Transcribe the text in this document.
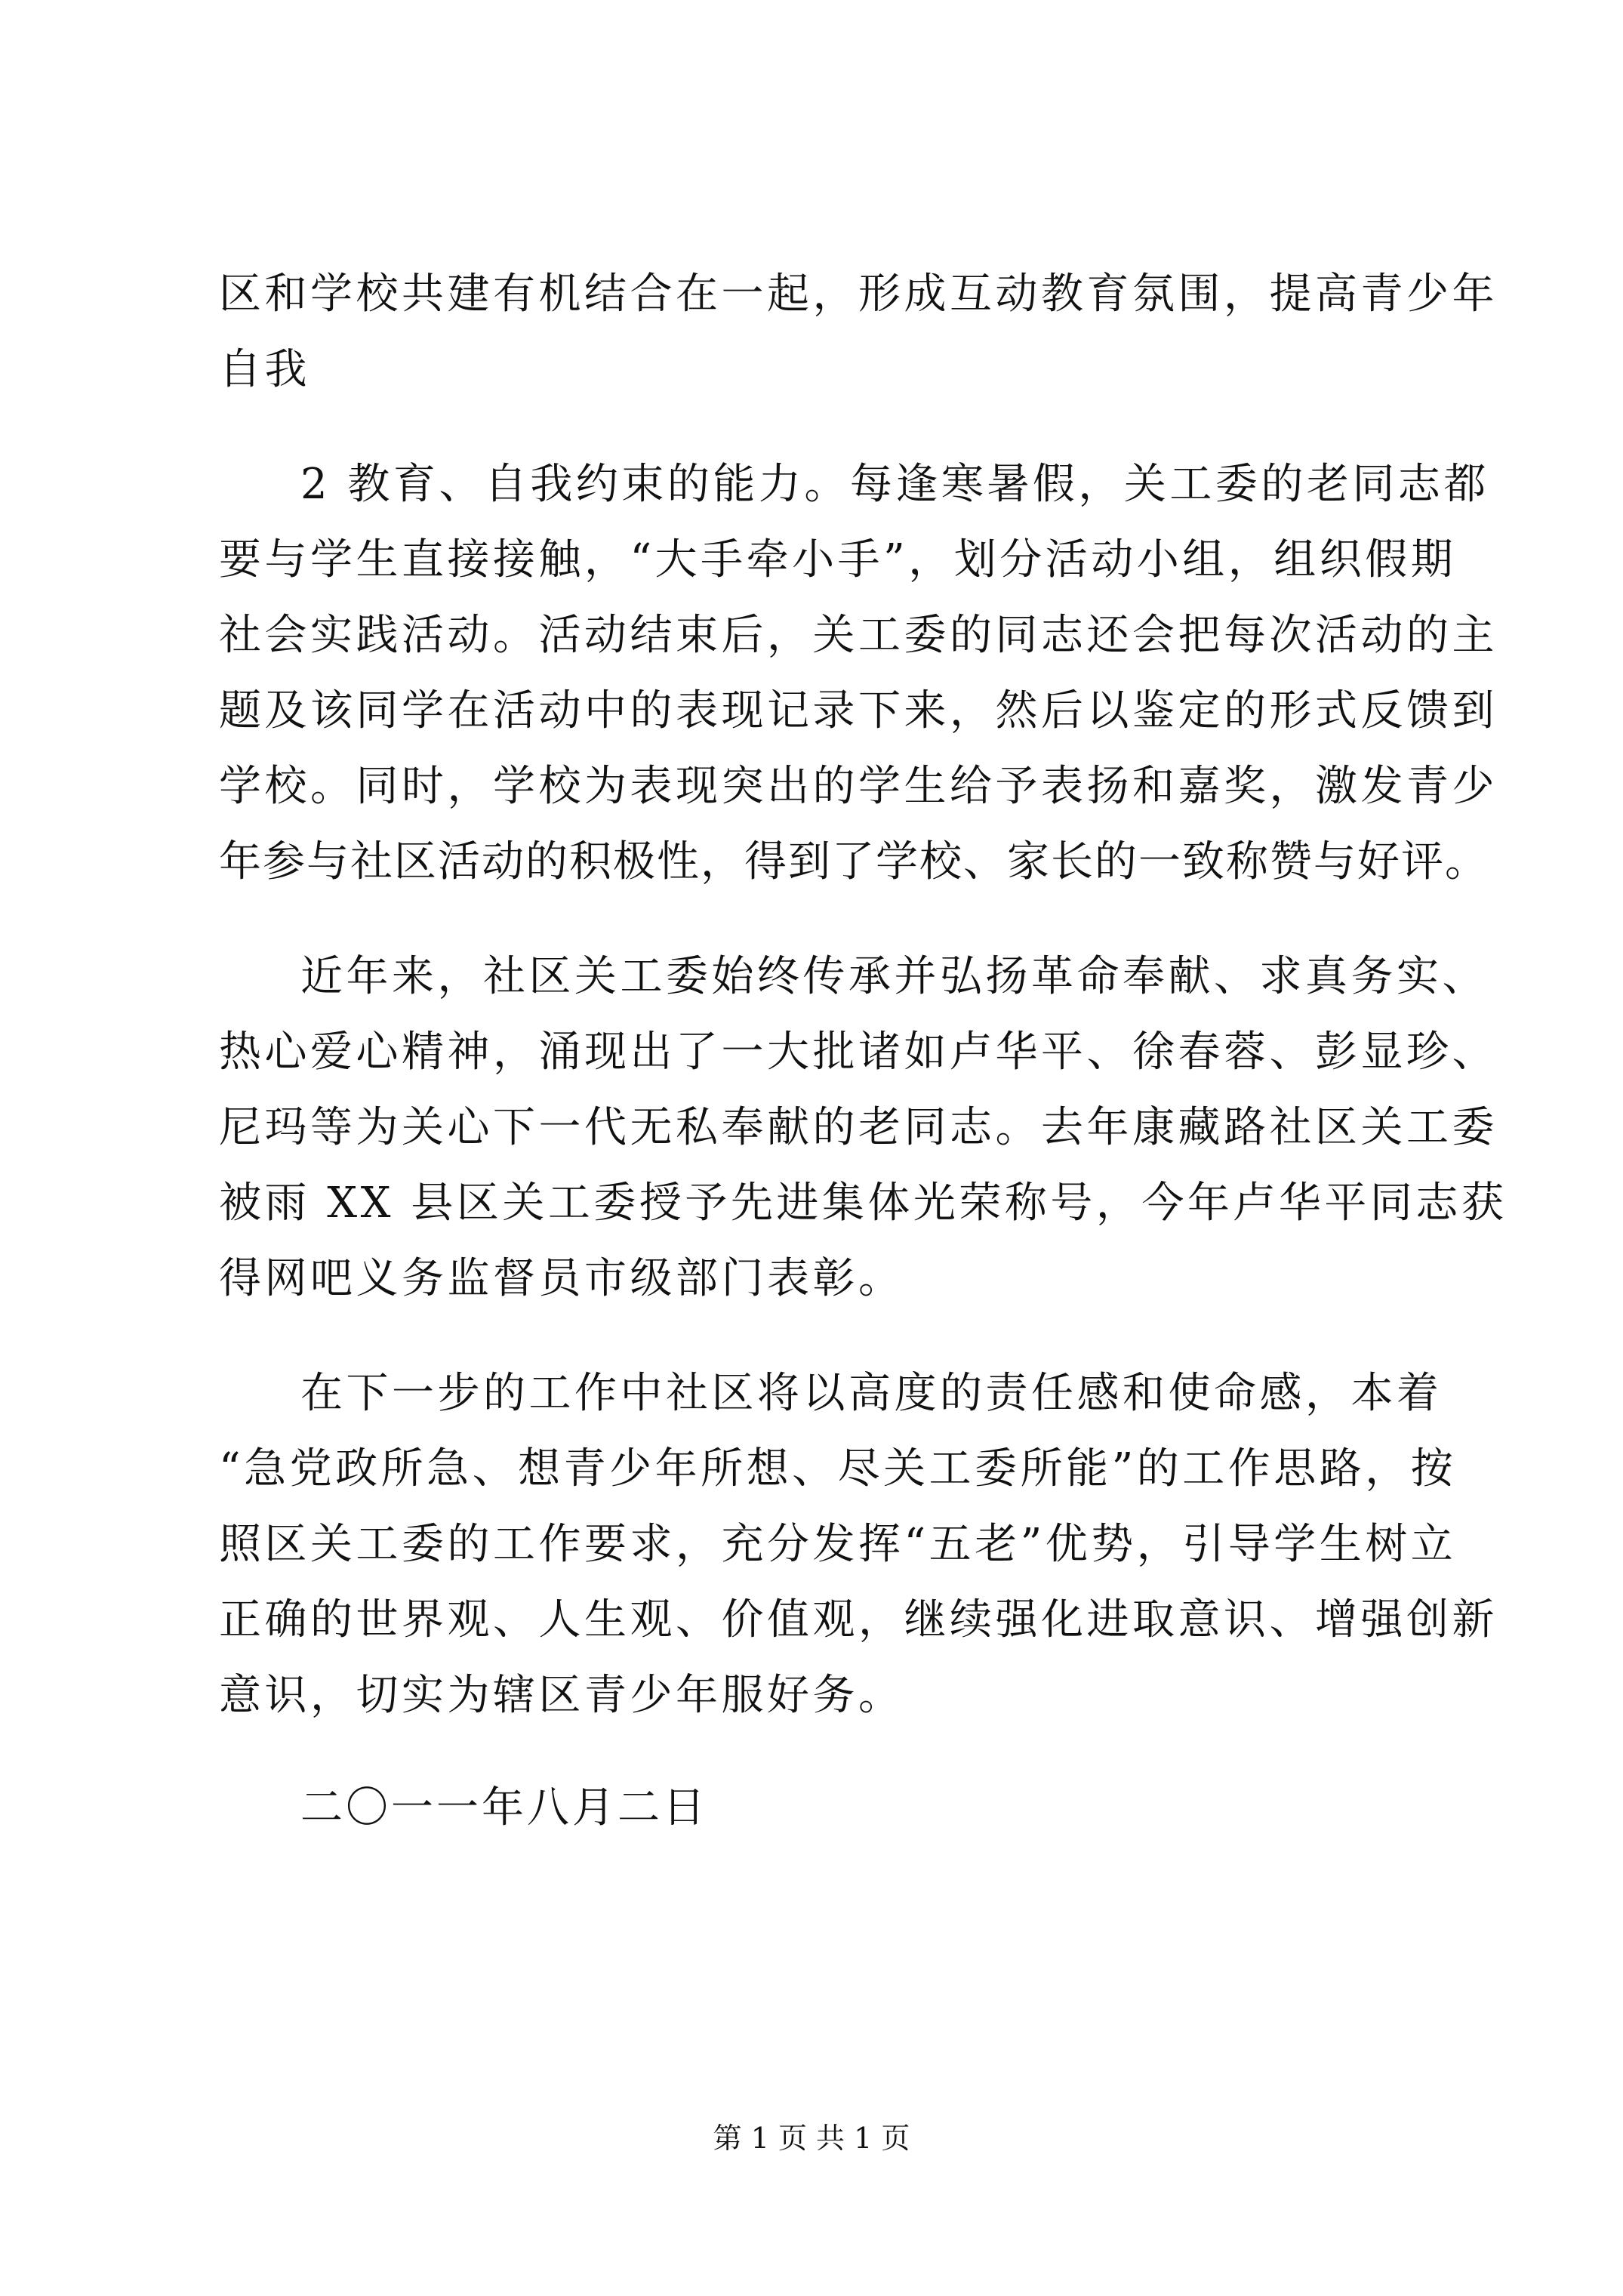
区和学校共建有机结合在一起，形成互动教育氛围，提高青少年
自我
2 教育、自我约束的能力。每逢寒暑假，关工委的老同志都
要与学生直接接触，“大手牵小手”，划分活动小组，组织假期
社会实践活动。活动结束后，关工委的同志还会把每次活动的主
题及该同学在活动中的表现记录下来，然后以鉴定的形式反馈到
学校。同时，学校为表现突出的学生给予表扬和嘉奖，激发青少
年参与社区活动的积极性，得到了学校、家长的一致称赞与好评。
近年来，社区关工委始终传承并弘扬革命奉献、求真务实、
热心爱心精神，涌现出了一大批诸如卢华平、徐春蓉、彭显珍、
尼玛等为关心下一代无私奉献的老同志。去年康藏路社区关工委
被雨 XX 县区关工委授予先进集体光荣称号，今年卢华平同志获
得网吧义务监督员市级部门表彰。
在下一步的工作中社区将以高度的责任感和使命感，本着
“急党政所急、想青少年所想、尽关工委所能”的工作思路，按
照区关工委的工作要求，充分发挥“五老”优势，引导学生树立
正确的世界观、人生观、价值观，继续强化进取意识、增强创新
意识，切实为辖区青少年服好务。
二〇一一年八月二日
第 1 页 共 1 页
